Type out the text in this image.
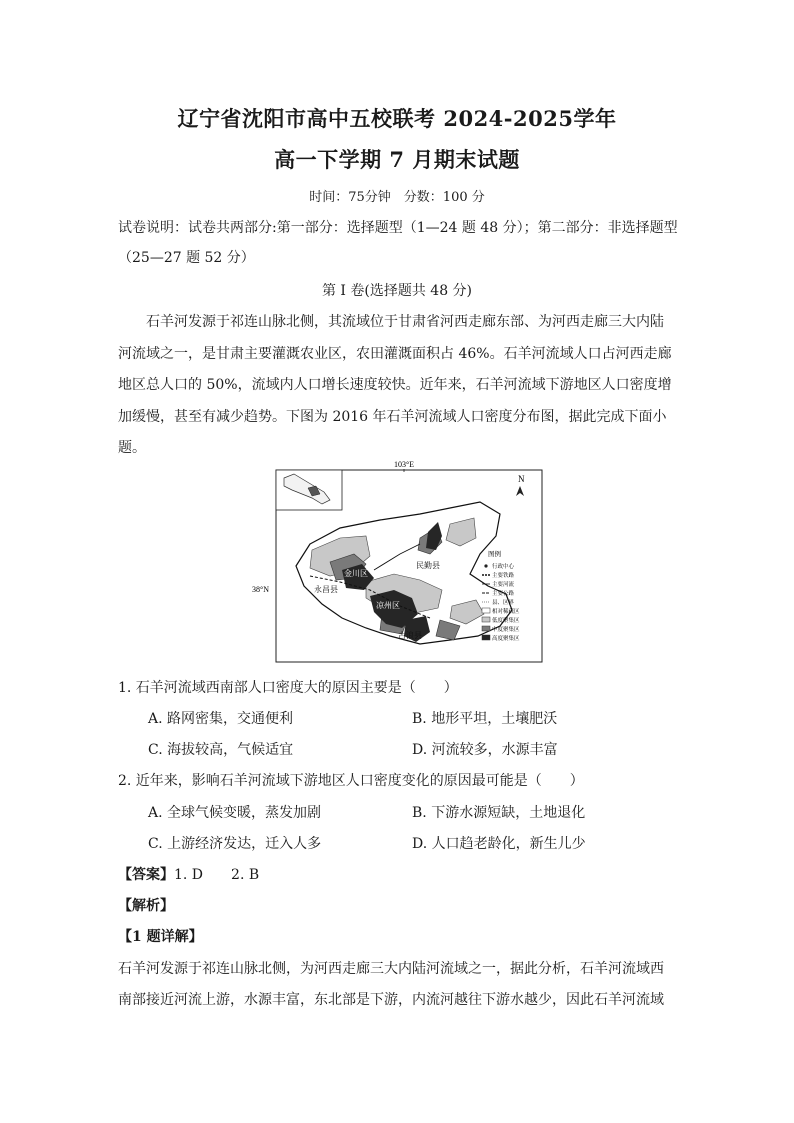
辽宁省沈阳市高中五校联考 2024-2025学年
高一下学期 7 月期末试题
时间：75分钟　分数：100 分
试卷说明：试卷共两部分:第一部分：选择题型（1—24 题 48 分）；第二部分：非选择题型
（25—27 题 52 分）
第 I 卷(选择题共 48 分)
　　石羊河发源于祁连山脉北侧，其流域位于甘肃省河西走廊东部、为河西走廊三大内陆
河流域之一，是甘肃主要灌溉农业区，农田灌溉面积占 46%。石羊河流域人口占河西走廊
地区总人口的 50%，流域内人口增长速度较快。近年来，石羊河流域下游地区人口密度增
加缓慢，甚至有减少趋势。下图为 2016 年石羊河流域人口密度分布图，据此完成下面小
题。
103°E
38°N
N
金川区
永昌县
民勤县
凉州区
古浪县
图例
行政中心
主要铁路
主要河流
主要公路
县、区界
相对稀疏区
低度聚集区
中度聚集区
高度聚集区
1. 石羊河流域西南部人口密度大的原因主要是（　　）
A. 路网密集，交通便利	B. 地形平坦，土壤肥沃
C. 海拔较高，气候适宜	D. 河流较多，水源丰富
2. 近年来，影响石羊河流域下游地区人口密度变化的原因最可能是（　　）
A. 全球气候变暖，蒸发加剧	B. 下游水源短缺，土地退化
C. 上游经济发达，迁入人多	D. 人口趋老龄化，新生儿少
【答案】1. D　　2. B
【解析】
【1 题详解】
石羊河发源于祁连山脉北侧，为河西走廊三大内陆河流域之一，据此分析，石羊河流域西
南部接近河流上游，水源丰富，东北部是下游，内流河越往下游水越少，因此石羊河流域
